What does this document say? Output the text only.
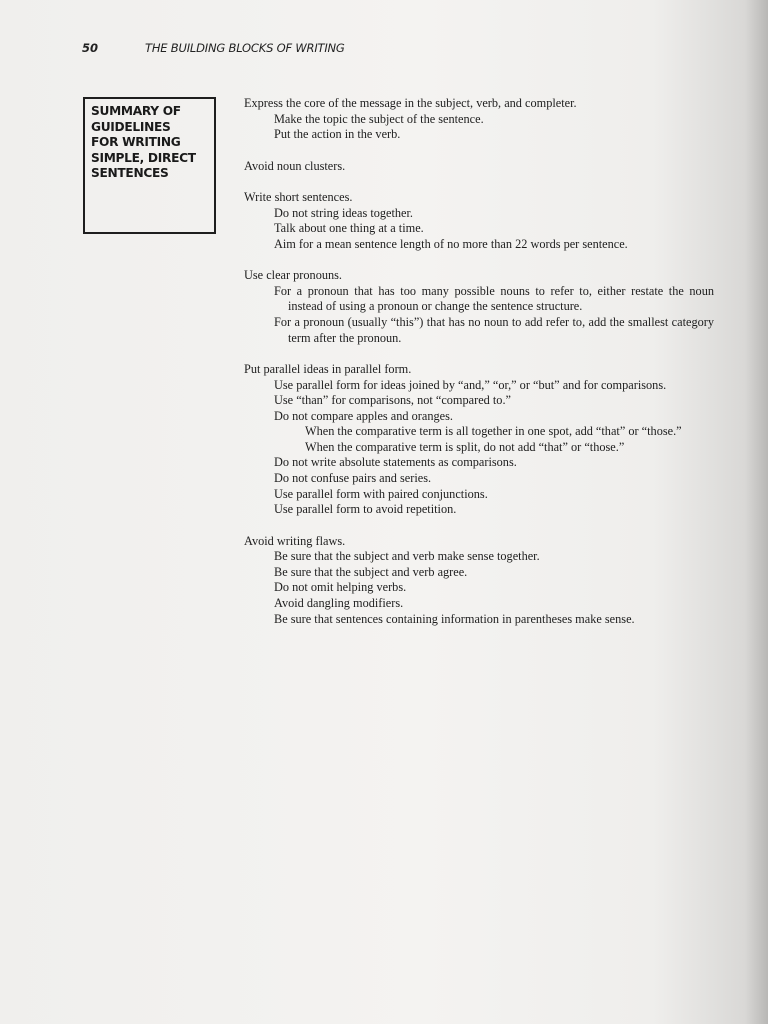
50	THE BUILDING BLOCKS OF WRITING
SUMMARY OF
GUIDELINES
FOR WRITING
SIMPLE, DIRECT
SENTENCES
Express the core of the message in the subject, verb, and completer.
Make the topic the subject of the sentence.
Put the action in the verb.
Avoid noun clusters.
Write short sentences.
Do not string ideas together.
Talk about one thing at a time.
Aim for a mean sentence length of no more than 22 words per sentence.
Use clear pronouns.
For a pronoun that has too many possible nouns to refer to, either restate the noun instead of using a pronoun or change the sentence structure.
For a pronoun (usually “this”) that has no noun to add refer to, add the smallest category term after the pronoun.
Put parallel ideas in parallel form.
Use parallel form for ideas joined by “and,” “or,” or “but” and for comparisons.
Use “than” for comparisons, not “compared to.”
Do not compare apples and oranges.
When the comparative term is all together in one spot, add “that” or “those.”
When the comparative term is split, do not add “that” or “those.”
Do not write absolute statements as comparisons.
Do not confuse pairs and series.
Use parallel form with paired conjunctions.
Use parallel form to avoid repetition.
Avoid writing flaws.
Be sure that the subject and verb make sense together.
Be sure that the subject and verb agree.
Do not omit helping verbs.
Avoid dangling modifiers.
Be sure that sentences containing information in parentheses make sense.
